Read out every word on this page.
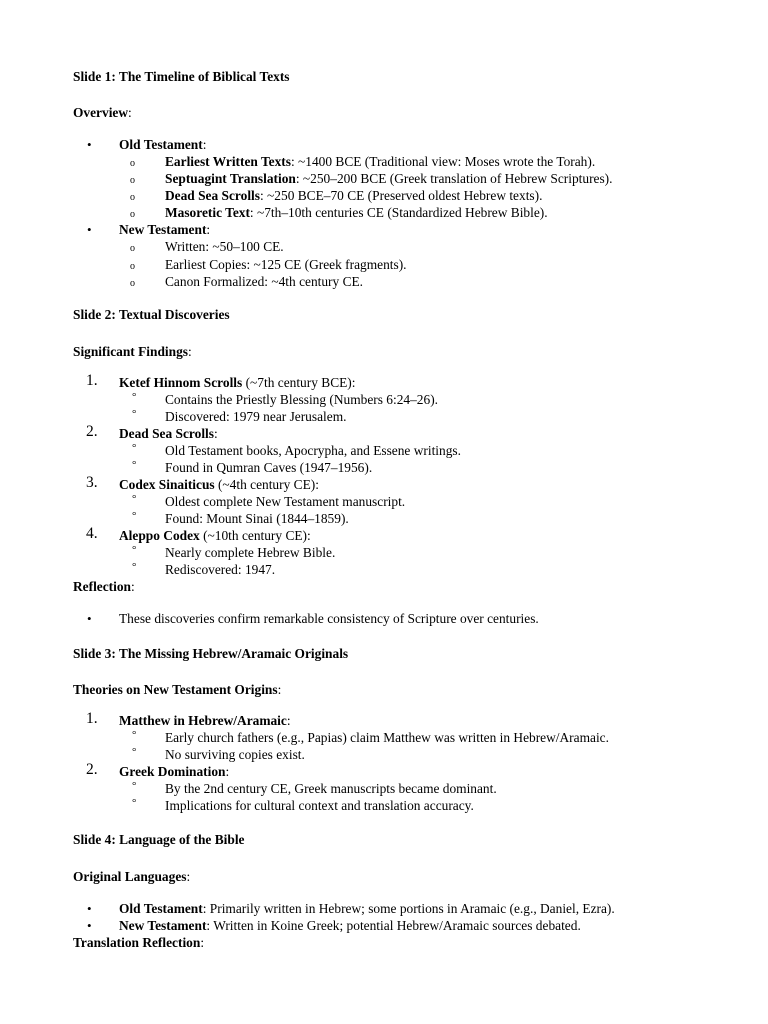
Slide 1: The Timeline of Biblical Texts
Overview:
• Old Testament:
o Earliest Written Texts: ~1400 BCE (Traditional view: Moses wrote the Torah).
o Septuagint Translation: ~250–200 BCE (Greek translation of Hebrew Scriptures).
o Dead Sea Scrolls: ~250 BCE–70 CE (Preserved oldest Hebrew texts).
o Masoretic Text: ~7th–10th centuries CE (Standardized Hebrew Bible).
• New Testament:
o Written: ~50–100 CE.
o Earliest Copies: ~125 CE (Greek fragments).
o Canon Formalized: ~4th century CE.
Slide 2: Textual Discoveries
Significant Findings:
1. Ketef Hinnom Scrolls (~7th century BCE):
° Contains the Priestly Blessing (Numbers 6:24–26).
° Discovered: 1979 near Jerusalem.
2. Dead Sea Scrolls:
° Old Testament books, Apocrypha, and Essene writings.
° Found in Qumran Caves (1947–1956).
3. Codex Sinaiticus (~4th century CE):
° Oldest complete New Testament manuscript.
° Found: Mount Sinai (1844–1859).
4. Aleppo Codex (~10th century CE):
° Nearly complete Hebrew Bible.
° Rediscovered: 1947.
Reflection:
• These discoveries confirm remarkable consistency of Scripture over centuries.
Slide 3: The Missing Hebrew/Aramaic Originals
Theories on New Testament Origins:
1. Matthew in Hebrew/Aramaic:
° Early church fathers (e.g., Papias) claim Matthew was written in Hebrew/Aramaic.
° No surviving copies exist.
2. Greek Domination:
° By the 2nd century CE, Greek manuscripts became dominant.
° Implications for cultural context and translation accuracy.
Slide 4: Language of the Bible
Original Languages:
• Old Testament: Primarily written in Hebrew; some portions in Aramaic (e.g., Daniel, Ezra).
• New Testament: Written in Koine Greek; potential Hebrew/Aramaic sources debated.
Translation Reflection:
